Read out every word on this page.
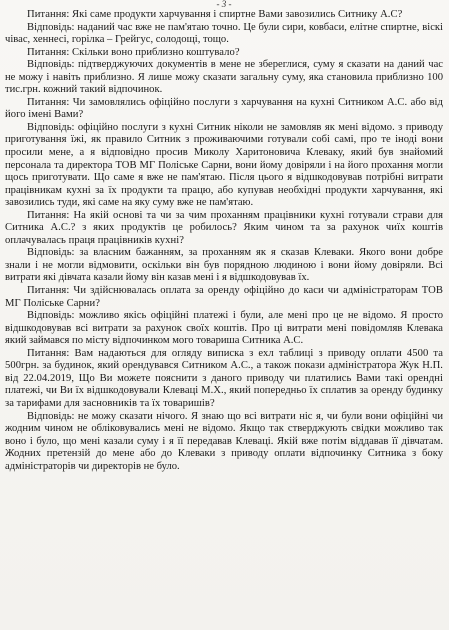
- 3 -

Питання: Які саме продукти харчування і спиртне Вами завозились Ситнику А.С?

Відповідь: наданий час вже не пам'ятаю точно. Це були сири, ковбаси, елітне спиртне, віскі чівас, хеннесі, горілка – Грейгус, солодощі, тощо.

Питання: Скільки воно приблизно коштувало?

Відповідь: підтверджуючих документів в мене не збереглися, суму я сказати на даний час не можу і навіть приблизно. Я лише можу сказати загальну суму, яка становила приблизно 100 тис.грн. кожний такий відпочинок.

Питання: Чи замовлялись офіційно послуги з харчування на кухні Ситником А.С. або від його імені Вами?

Відповідь: офіційно послуги з кухні Ситник ніколи не замовляв як мені відомо. з приводу приготування їжі, як правило Ситник з проживаючими готували собі самі, про те іноді вони просили мене, а я відповідно просив Миколу Харитоновича Клеваку, який був знайомий персонала та директора ТОВ МГ Поліське Сарни, вони йому довіряли і на його прохання могли щось приготувати. Що саме я вже не пам'ятаю. Після цього я відшкодовував потрібні витрати працівникам кухні за їх продукти та працю, або купував необхідні продукти харчування, які завозились туди, які саме на яку суму вже не пам'ятаю.

Питання: На якій основі та чи за чим проханням працівники кухні готували страви для Ситника А.С.? з яких продуктів це робилось? Яким чином та за рахунок чиїх коштів оплачувалась праця працівників кухні?

Відповідь: за власним бажанням, за проханням як я сказав Клеваки. Якого вони добре знали і не могли відмовити, оскільки він був порядною людиною і вони йому довіряли. Всі витрати які дівчата казали йому він казав мені і я відшкодовував їх.

Питання: Чи здійснювалась оплата за оренду офіційно до каси чи адміністраторам ТОВ МГ Поліське Сарни?

Відповідь: можливо якісь офіційні платежі і були, але мені про це не відомо. Я просто відшкодовував всі витрати за рахунок своїх коштів. Про ці витрати мені повідомляв Клевака який займався по місту відпочинком мого товариша Ситника А.С.

Питання: Вам надаються для огляду виписка з ехл таблиці з приводу оплати 4500 та 500грн. за будинок, який орендувався Ситником А.С., а також покази адміністратора Жук Н.П. від 22.04.2019, Що Ви можете пояснити з даного приводу чи платились Вами такі орендні платежі, чи Ви їх відшкодовували Клеваці М.Х., який попередньо їх сплатив за оренду будинку за тарифами для засновників та їх товаришів?

Відповідь: не можу сказати нічого. Я знаю що всі витрати ніс я, чи були вони офіційні чи жодним чином не обліковувались мені не відомо. Якщо так стверджують свідки можливо так воно і було, що мені казали суму і я її передавав Клеваці. Якій вже потім віддавав її дівчатам. Жодних претензій до мене або до Клеваки з приводу оплати відпочинку Ситника з боку адміністраторів чи директорів не було.
